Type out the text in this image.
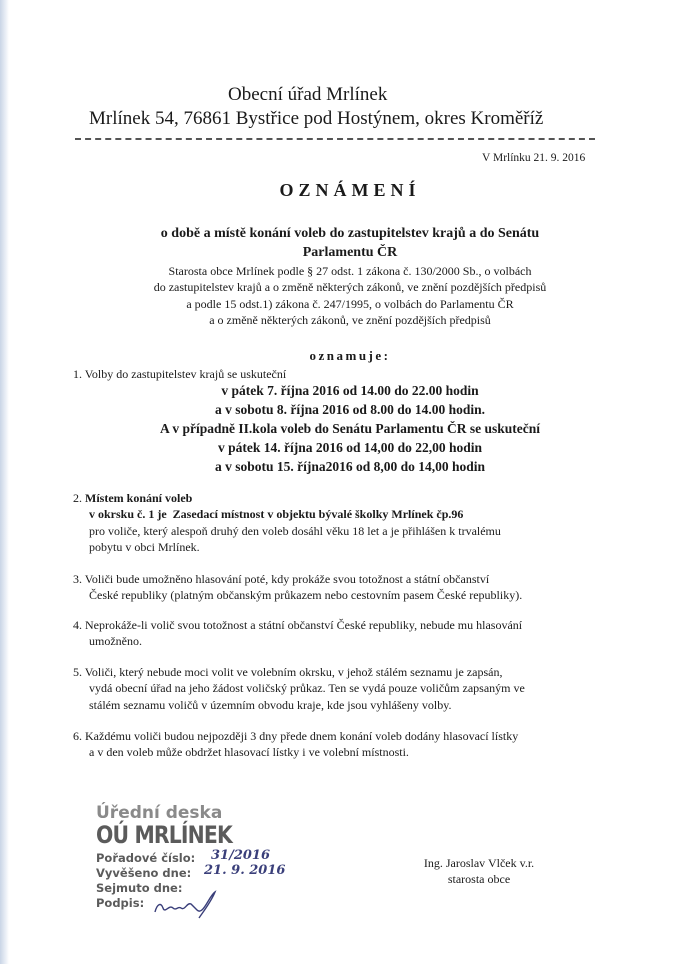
Obecní úřad Mrlínek
Mrlínek 54, 76861 Bystřice pod Hostýnem, okres Kroměříž
V Mrlínku 21. 9. 2016
OZNÁMENÍ
o době a místě konání voleb do zastupitelstev krajů a do Senátu
Parlamentu ČR
Starosta obce Mrlínek podle § 27 odst. 1 zákona č. 130/2000 Sb., o volbách
do zastupitelstev krajů a o změně některých zákonů, ve znění pozdějších předpisů
a podle 15 odst.1) zákona č. 247/1995, o volbách do Parlamentu ČR
a o změně některých zákonů, ve znění pozdějších předpisů
oznamuje:
1. Volby do zastupitelstev krajů se uskuteční
v pátek 7. října 2016 od 14.00 do 22.00 hodin
a v sobotu 8. října 2016 od 8.00 do 14.00 hodin.
A v případně II.kola voleb do Senátu Parlamentu ČR se uskuteční
v pátek 14. října 2016 od 14,00 do 22,00 hodin
a v sobotu 15. října2016 od 8,00 do 14,00 hodin
2. Místem konání voleb
v okrsku č. 1 je Zasedací místnost v objektu bývalé školky Mrlínek čp.96
pro voliče, který alespoň druhý den voleb dosáhl věku 18 let a je přihlášen k trvalému
pobytu v obci Mrlínek.
3. Voliči bude umožněno hlasování poté, kdy prokáže svou totožnost a státní občanství
České republiky (platným občanským průkazem nebo cestovním pasem České republiky).
4. Neprokáže-li volič svou totožnost a státní občanství České republiky, nebude mu hlasování
umožněno.
5. Voliči, který nebude moci volit ve volebním okrsku, v jehož stálém seznamu je zapsán,
vydá obecní úřad na jeho žádost voličský průkaz. Ten se vydá pouze voličům zapsaným ve
stálém seznamu voličů v územním obvodu kraje, kde jsou vyhlášeny volby.
6. Každému voliči budou nejpozději 3 dny přede dnem konání voleb dodány hlasovací lístky
a v den voleb může obdržet hlasovací lístky i ve volební místnosti.
Úřední deska
OÚ MRLÍNEK
Pořadové číslo: 31/2016
Vyvěšeno dne: 21. 9. 2016
Sejmuto dne:
Podpis:
Ing. Jaroslav Vlček v.r.
starosta obce
